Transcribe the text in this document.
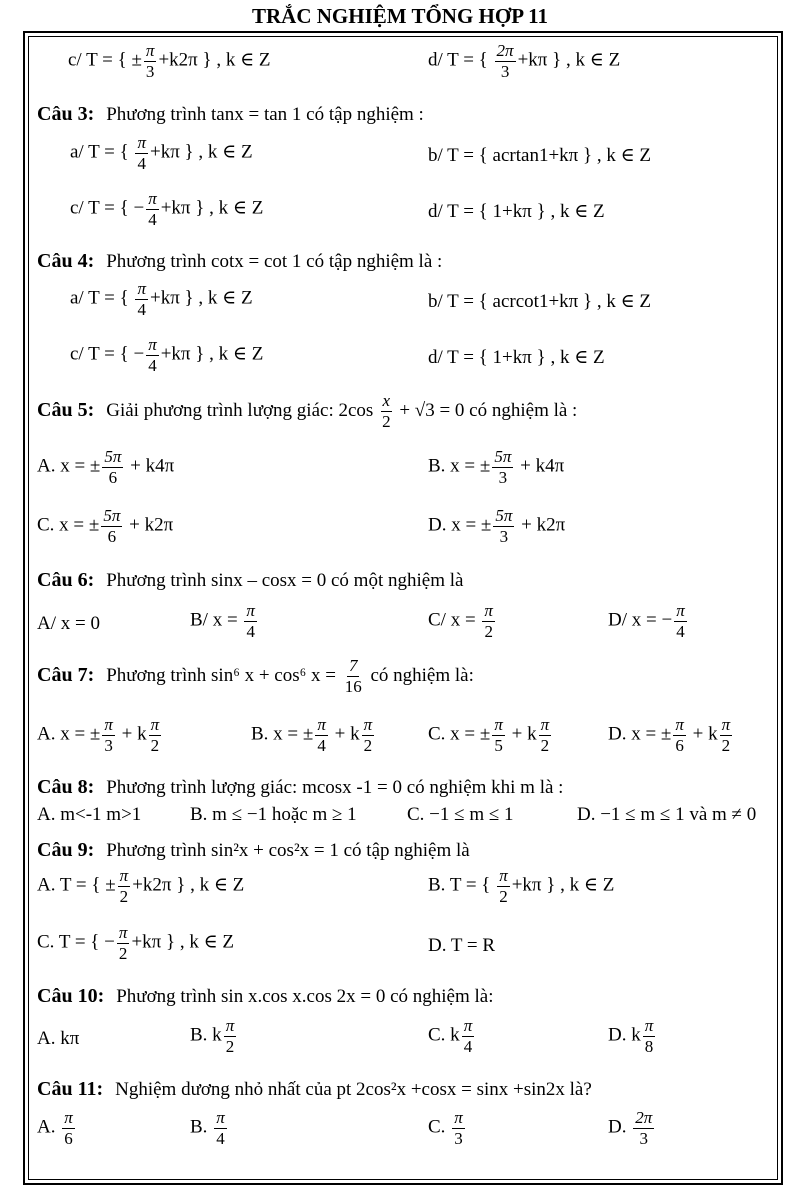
TRẮC NGHIỆM TỔNG HỢP 11
c/ T = { ± $\frac{\pi}{3} +k2\pi$ } , k ∈ Z	d/ T = { $\frac{2\pi}{3} +k\pi$ } , k ∈ Z
Câu 3: Phương trình tanx = tan 1 có tập nghiệm :
a/ T = { $\frac{\pi}{4} +k\pi$ } , k ∈ Z	b/ T = { acrtan1+kπ } , k ∈ Z
c/ T = { − $\frac{\pi}{4} +k\pi$ } , k ∈ Z	d/ T = { 1+kπ } , k ∈ Z
Câu 4: Phương trình cotx = cot 1 có tập nghiệm là :
a/ T = { $\frac{\pi}{4} +k\pi$ } , k ∈ Z	b/ T = { acrcot1+kπ } , k ∈ Z
c/ T = { − $\frac{\pi}{4} +k\pi$ } , k ∈ Z	d/ T = { 1+kπ } , k ∈ Z
Câu 5: Giải phương trình lượng giác: $2\cos \frac{x}{2} + √3 = 0$ có nghiệm là :
A. x = ± $\frac{5\pi}{6} + k4\pi$	B. x = ± $\frac{5\pi}{3} + k4\pi$
C. x = ± $\frac{5\pi}{6} + k2\pi$	D. x = ± $\frac{5\pi}{3} + k2\pi$
Câu 6: Phương trình sinx – cosx = 0 có một nghiệm là
A/ x = 0	B/ $x = \frac{\pi}{4}$	C/ $x = \frac{\pi}{2}$	D/ x = − $\frac{\pi}{4}$
Câu 7: Phương trình sin⁶ x + cos⁶ $x = \frac{7}{16}$ có nghiệm là:
A. x = ± $\frac{\pi}{3} + k \frac{\pi}{2}$	B. x = ± $\frac{\pi}{4} + k \frac{\pi}{2}$	C. x = ± $\frac{\pi}{5} + k \frac{\pi}{2}$	D. x = ± $\frac{\pi}{6} + k \frac{\pi}{2}$
Câu 8: Phương trình lượng giác: mcosx -1 = 0 có nghiệm khi m là :
A. m<-1 m>1	B. m ≤ −1 hoặc m ≥ 1	C. −1 ≤ m ≤ 1	D. −1 ≤ m ≤ 1 và m ≠ 0
Câu 9: Phương trình sin²x + cos²x = 1 có tập nghiệm là
A. T = { ± $\frac{\pi}{2} +k2\pi$ } , k ∈ Z	B. T = { $\frac{\pi}{2} +k\pi$ } , k ∈ Z
C. T = { − $\frac{\pi}{2} +k\pi$ } , k ∈ Z	D. T = R
Câu 10: Phương trình sin x.cos x.cos 2x = 0 có nghiệm là:
A. kπ	B. k $\frac{\pi}{2}$	C. k $\frac{\pi}{4}$	D. k $\frac{\pi}{8}$
Câu 11: Nghiệm dương nhỏ nhất của pt 2cos²x +cosx = sinx +sin2x là?
A. $\frac{\pi}{6}$	B. $\frac{\pi}{4}$	C. $\frac{\pi}{3}$	D. $\frac{2\pi}{3}$
